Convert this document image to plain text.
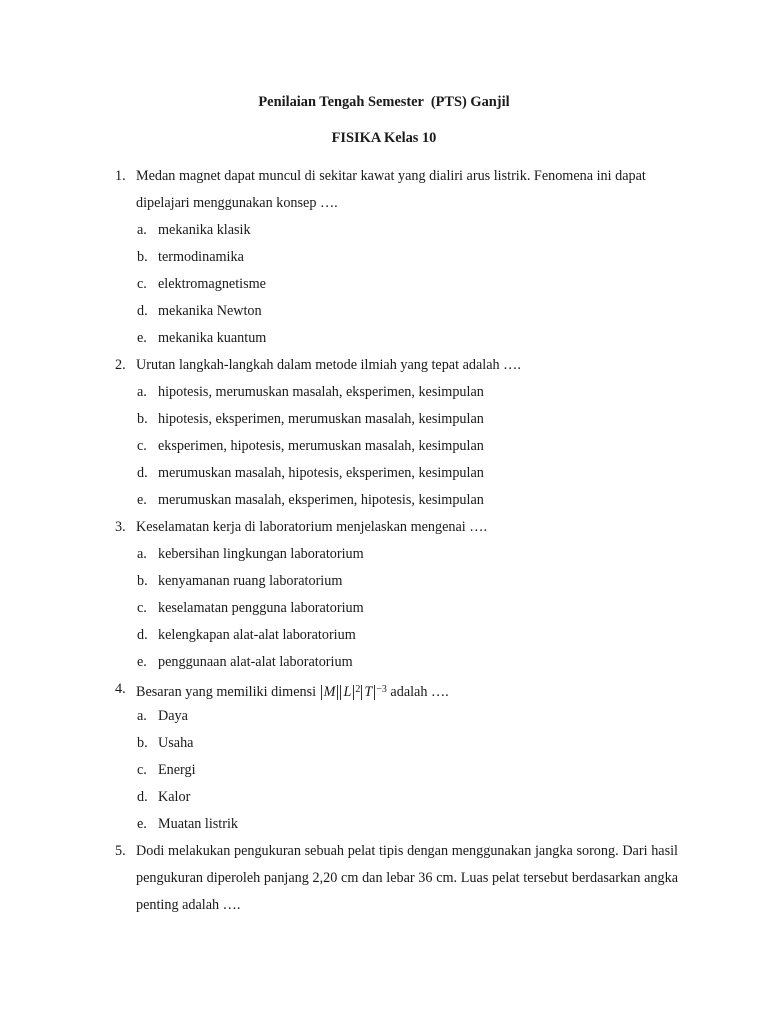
Penilaian Tengah Semester  (PTS) Ganjil
FISIKA Kelas 10
1. Medan magnet dapat muncul di sekitar kawat yang dialiri arus listrik. Fenomena ini dapat dipelajari menggunakan konsep ….
a. mekanika klasik
b. termodinamika
c. elektromagnetisme
d. mekanika Newton
e. mekanika kuantum
2. Urutan langkah-langkah dalam metode ilmiah yang tepat adalah ….
a. hipotesis, merumuskan masalah, eksperimen, kesimpulan
b. hipotesis, eksperimen, merumuskan masalah, kesimpulan
c. eksperimen, hipotesis, merumuskan masalah, kesimpulan
d. merumuskan masalah, hipotesis, eksperimen, kesimpulan
e. merumuskan masalah, eksperimen, hipotesis, kesimpulan
3. Keselamatan kerja di laboratorium menjelaskan mengenai ….
a. kebersihan lingkungan laboratorium
b. kenyamanan ruang laboratorium
c. keselamatan pengguna laboratorium
d. kelengkapan alat-alat laboratorium
e. penggunaan alat-alat laboratorium
4. Besaran yang memiliki dimensi M L $^2$ T $^{-3}$ adalah ….
a. Daya
b. Usaha
c. Energi
d. Kalor
e. Muatan listrik
5. Dodi melakukan pengukuran sebuah pelat tipis dengan menggunakan jangka sorong. Dari hasil pengukuran diperoleh panjang 2,20 cm dan lebar 36 cm. Luas pelat tersebut berdasarkan angka penting adalah ….
